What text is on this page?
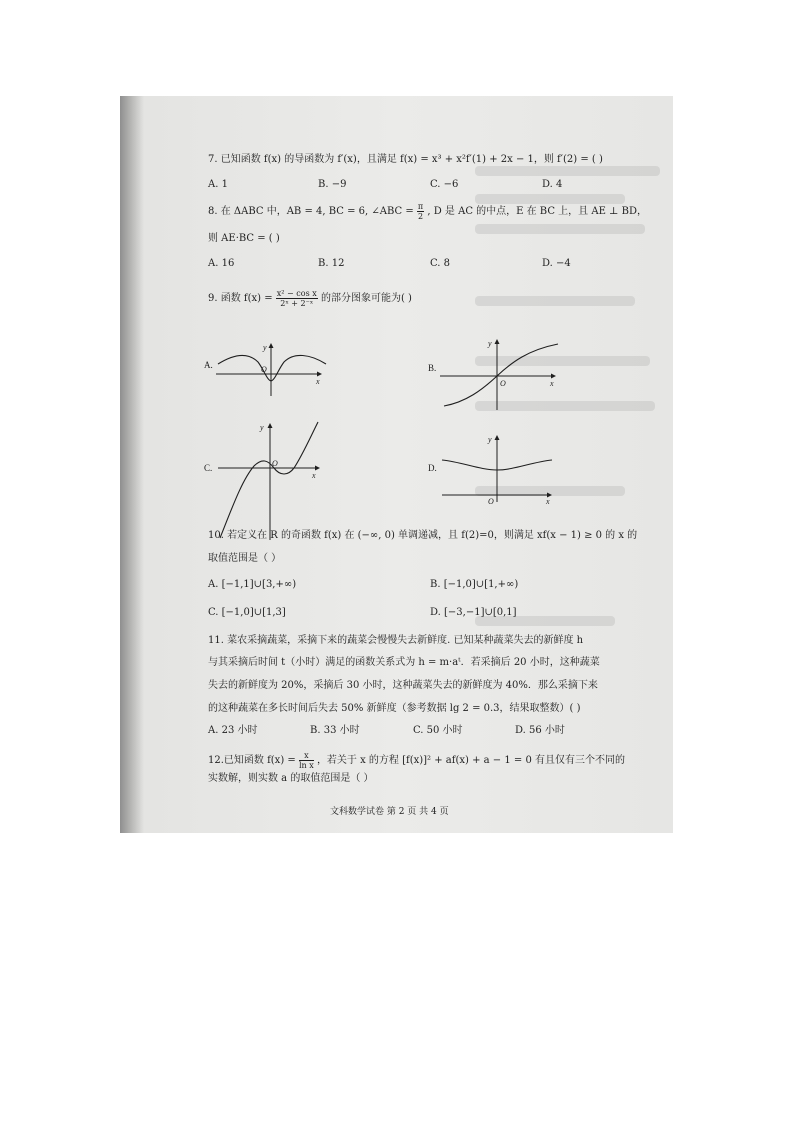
7. 已知函数 f(x) 的导函数为 f′(x)，且满足 f(x) = x³ + x²f′(1) + 2x − 1，则 f′(2) = ( )
A. 1	B. −9	C. −6	D. 4
8. 在 ΔABC 中，AB = 4, BC = 6, ∠ABC = $\frac{\pi}{2}$ , D 是 AC 的中点，E 在 BC 上，且 AE ⊥ BD，
则 AE·BC = ( )
A. 16	B. 12	C. 8	D. −4
9. 函数 $f(x) = \frac{\text{x² − cos x}}{\text{2ˣ + 2⁻ˣ}}$ 的部分图象可能为( )
A.
y
x
O	B.
y
x
O
C.
y
x
O	D.
y
x
O
10. 若定义在 R 的奇函数 f(x) 在 (−∞, 0) 单调递减，且 f(2)=0，则满足 xf(x − 1) ≥ 0 的 x 的
取值范围是（ ）
A. [−1,1]∪[3,+∞)	B. [−1,0]∪[1,+∞)
C. [−1,0]∪[1,3]	D. [−3,−1]∪[0,1]
11. 菜农采摘蔬菜，采摘下来的蔬菜会慢慢失去新鲜度. 已知某种蔬菜失去的新鲜度 h
与其采摘后时间 t（小时）满足的函数关系式为 h = m·aᵗ．若采摘后 20 小时，这种蔬菜
失去的新鲜度为 20%，采摘后 30 小时，这种蔬菜失去的新鲜度为 40%．那么采摘下来
的这种蔬菜在多长时间后失去 50% 新鲜度（参考数据 lg 2 = 0.3，结果取整数）( )
A. 23 小时	B. 33 小时	C. 50 小时	D. 56 小时
12.已知函数 $f(x) = \frac{x}{\text{ln x}}$ ，若关于 x 的方程 [f(x)]² + af(x) + a − 1 = 0 有且仅有三个不同的
实数解，则实数 a 的取值范围是（ ）
文科数学试卷 第 2 页 共 4 页
